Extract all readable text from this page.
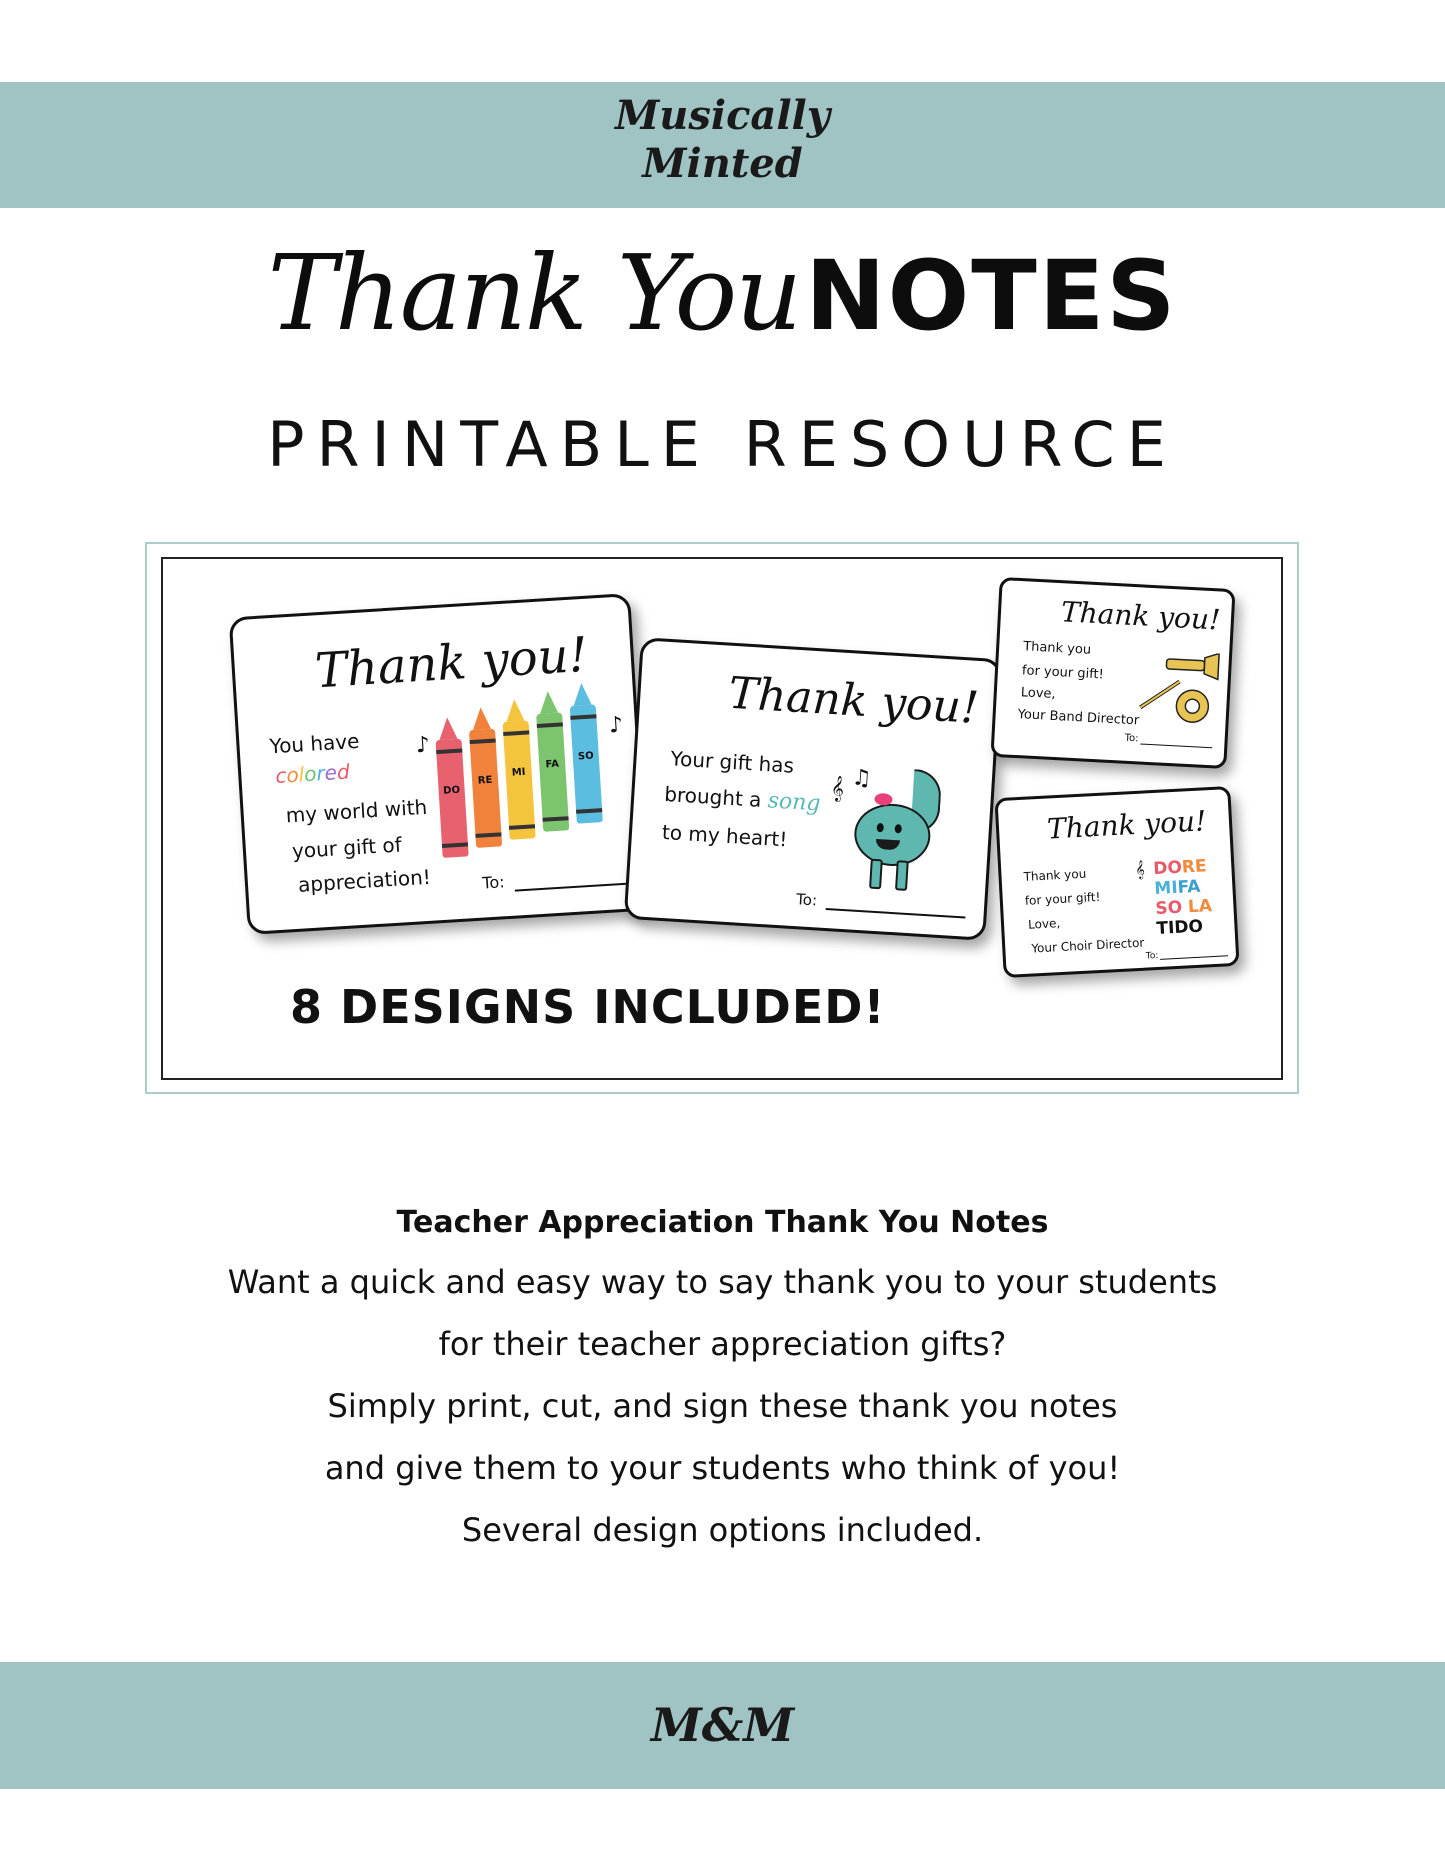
Musically
Minted
Thank You NOTES
PRINTABLE RESOURCE
Thank you!
You have
colored
my world with
your gift of
appreciation!	To:
♪
♪
DO
RE
MI
FA
SO
Thank you!
Your gift has
brought a song
to my heart!
To:
𝄞 ♫
Thank you!
Thank you
for your gift!
Love,
Your Band Director
To:
Thank you!
Thank you
for your gift!
Love,
Your Choir Director
To:
𝄞 DORE
MIFA
SO LA
TIDO
8 DESIGNS INCLUDED!
Teacher Appreciation Thank You Notes
Want a quick and easy way to say thank you to your students
for their teacher appreciation gifts?
Simply print, cut, and sign these thank you notes
and give them to your students who think of you!
Several design options included.
M&M
